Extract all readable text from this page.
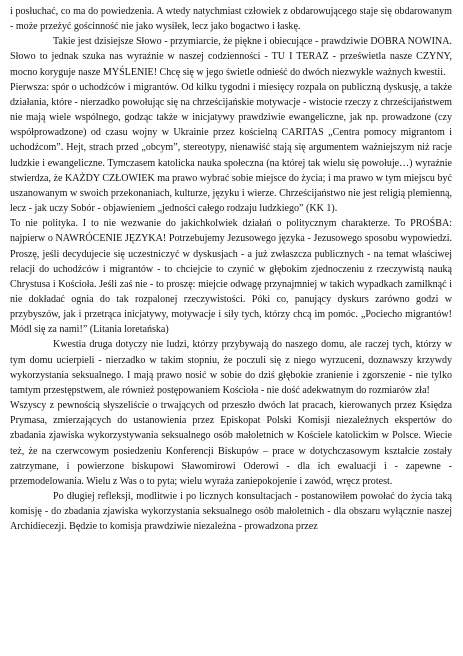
i posłuchać, co ma do powiedzenia. A wtedy natychmiast człowiek z obdarowującego staje się obdarowanym - może przeżyć gościnność nie jako wysiłek, lecz jako bogactwo i łaskę.

Takie jest dzisiejsze Słowo - przymiarcie, że piękne i obiecujące - prawdziwie DOBRA NOWINA. Słowo to jednak szuka nas wyraźnie w naszej codzienności - TU I TERAZ - prześwietla nasze CZYNY, mocno koryguje nasze MYŚLENIE! Chcę się w jego świetle odnieść do dwóch niezwykle ważnych kwestii.

Pierwsza: spór o uchodźców i migrantów. Od kilku tygodni i miesięcy rozpala on publiczną dyskusję, a także działania, które - nierzadko powołując się na chrześcijańskie motywacje - wistocie rzeczy z chrześcijaństwem nie mają wiele wspólnego, godząc także w inicjatywy prawdziwie ewangeliczne, jak np. prowadzone (czy współprowadzone) od czasu wojny w Ukrainie przez kościelną CARITAS „Centra pomocy migrantom i uchodźcom”. Hejt, strach przed „obcym”, stereotypy, nienawiść stają się argumentem ważniejszym niż racje ludzkie i ewangeliczne. Tymczasem katolicka nauka społeczna (na której tak wielu się powołuje…) wyraźnie stwierdza, że KAŻDY CZŁOWIEK ma prawo wybrać sobie miejsce do życia; i ma prawo w tym miejscu być uszanowanym w swoich przekonaniach, kulturze, języku i wierze. Chrześcijaństwo nie jest religią plemienną, lecz - jak uczy Sobór - objawieniem „jedności całego rodzaju ludzkiego” (KK 1).

To nie polityka. I to nie wezwanie do jakichkolwiek działań o politycznym charakterze. To PROŚBA: najpierw o NAWRÓCENIE JĘZYKA! Potrzebujemy Jezusowego języka - Jezusowego sposobu wypowiedzi. Proszę, jeśli decydujecie się uczestniczyć w dyskusjach - a już zwłaszcza publicznych - na temat właściwej relacji do uchodźców i migrantów - to chciejcie to czynić w głębokim zjednoczeniu z rzeczywistą nauką Chrystusa i Kościoła. Jeśli zaś nie - to proszę: miejcie odwagę przynajmniej w takich wypadkach zamilknąć i nie dokładać ognia do tak rozpalonej rzeczywistości. Póki co, panujący dyskurs zarówno godzi w przybyszów, jak i przetrąca inicjatywy, motywacje i siły tych, którzy chcą im pomóc. „Pociecho migrantów! Módl się za nami!” (Litania loretańska)

Kwestia druga dotyczy nie ludzi, którzy przybywają do naszego domu, ale raczej tych, którzy w tym domu ucierpieli - nierzadko w takim stopniu, że poczuli się z niego wyrzuceni, doznawszy krzywdy wykorzystania seksualnego. I mają prawo nosić w sobie do dziś głębokie zranienie i zgorszenie - nie tylko tamtym przestępstwem, ale również postępowaniem Kościoła - nie dość adekwatnym do rozmiarów zła!

Wszyscy z pewnością słyszeliście o trwających od przeszło dwóch lat pracach, kierowanych przez Księdza Prymasa, zmierzających do ustanowienia przez Episkopat Polski Komisji niezależnych ekspertów do zbadania zjawiska wykorzystywania seksualnego osób małoletnich w Kościele katolickim w Polsce. Wiecie też, że na czerwcowym posiedzeniu Konferencji Biskupów – prace w dotychczasowym kształcie zostały zatrzymane, i powierzone biskupowi Sławomirowi Oderowi - dla ich ewaluacji i - zapewne - przemodelowania. Wielu z Was o to pyta; wielu wyraża zaniepokojenie i zawód, wręcz protest.

Po długiej refleksji, modlitwie i po licznych konsultacjach - postanowiłem powołać do życia taką komisję - do zbadania zjawiska wykorzystania seksualnego osób małoletnich - dla obszaru wyłącznie naszej Archidiecezji. Będzie to komisja prawdziwie niezależna - prowadzona przez
